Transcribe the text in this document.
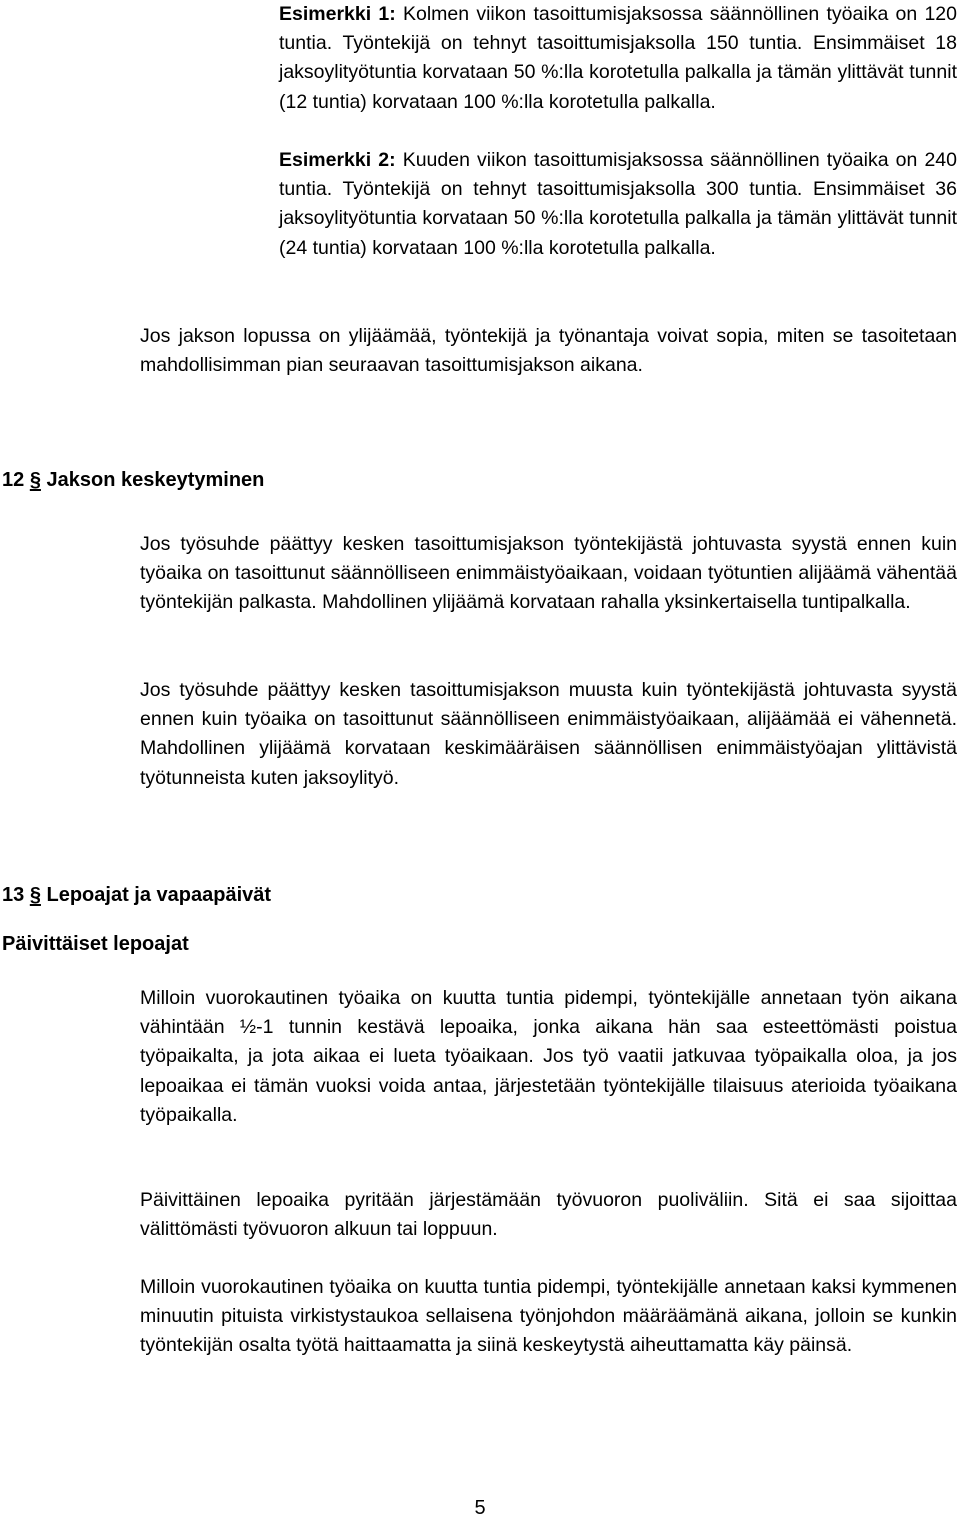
Esimerkki 1: Kolmen viikon tasoittumisjaksossa säännöllinen työaika on 120 tuntia. Työntekijä on tehnyt tasoittumisjaksolla 150 tuntia. Ensimmäiset 18 jaksoylityötuntia korvataan 50 %:lla korotetulla palkalla ja tämän ylittävät tunnit (12 tuntia) korvataan 100 %:lla korotetulla palkalla.
Esimerkki 2: Kuuden viikon tasoittumisjaksossa säännöllinen työaika on 240 tuntia. Työntekijä on tehnyt tasoittumisjaksolla 300 tuntia. Ensimmäiset 36 jaksoylityötuntia korvataan 50 %:lla korotetulla palkalla ja tämän ylittävät tunnit (24 tuntia) korvataan 100 %:lla korotetulla palkalla.
Jos jakson lopussa on ylijäämää, työntekijä ja työnantaja voivat sopia, miten se tasoitetaan mahdollisimman pian seuraavan tasoittumisjakson aikana.
12 § Jakson keskeytyminen
Jos työsuhde päättyy kesken tasoittumisjakson työntekijästä johtuvasta syystä ennen kuin työaika on tasoittunut säännölliseen enimmäistyöaikaan, voidaan työtuntien alijäämä vähentää työntekijän palkasta. Mahdollinen ylijäämä korvataan rahalla yksinkertaisella tuntipalkalla.
Jos työsuhde päättyy kesken tasoittumisjakson muusta kuin työntekijästä johtuvasta syystä ennen kuin työaika on tasoittunut säännölliseen enimmäistyöaikaan, alijäämää ei vähennetä. Mahdollinen ylijäämä korvataan keskimääräisen säännöllisen enimmäistyöajan ylittävistä työtunneista kuten jaksoylityö.
13 § Lepoajat ja vapaapäivät
Päivittäiset lepoajat
Milloin vuorokautinen työaika on kuutta tuntia pidempi, työntekijälle annetaan työn aikana vähintään ½-1 tunnin kestävä lepoaika, jonka aikana hän saa esteettömästi poistua työpaikalta, ja jota aikaa ei lueta työaikaan. Jos työ vaatii jatkuvaa työpaikalla oloa, ja jos lepoaikaa ei tämän vuoksi voida antaa, järjestetään työntekijälle tilaisuus aterioida työaikana työpaikalla.
Päivittäinen lepoaika pyritään järjestämään työvuoron puoliväliin. Sitä ei saa sijoittaa välittömästi työvuoron alkuun tai loppuun.
Milloin vuorokautinen työaika on kuutta tuntia pidempi, työntekijälle annetaan kaksi kymmenen minuutin pituista virkistystaukoa sellaisena työnjohdon määräämänä aikana, jolloin se kunkin työntekijän osalta työtä haittaamatta ja siinä keskeytystä aiheuttamatta käy päinsä.
5
